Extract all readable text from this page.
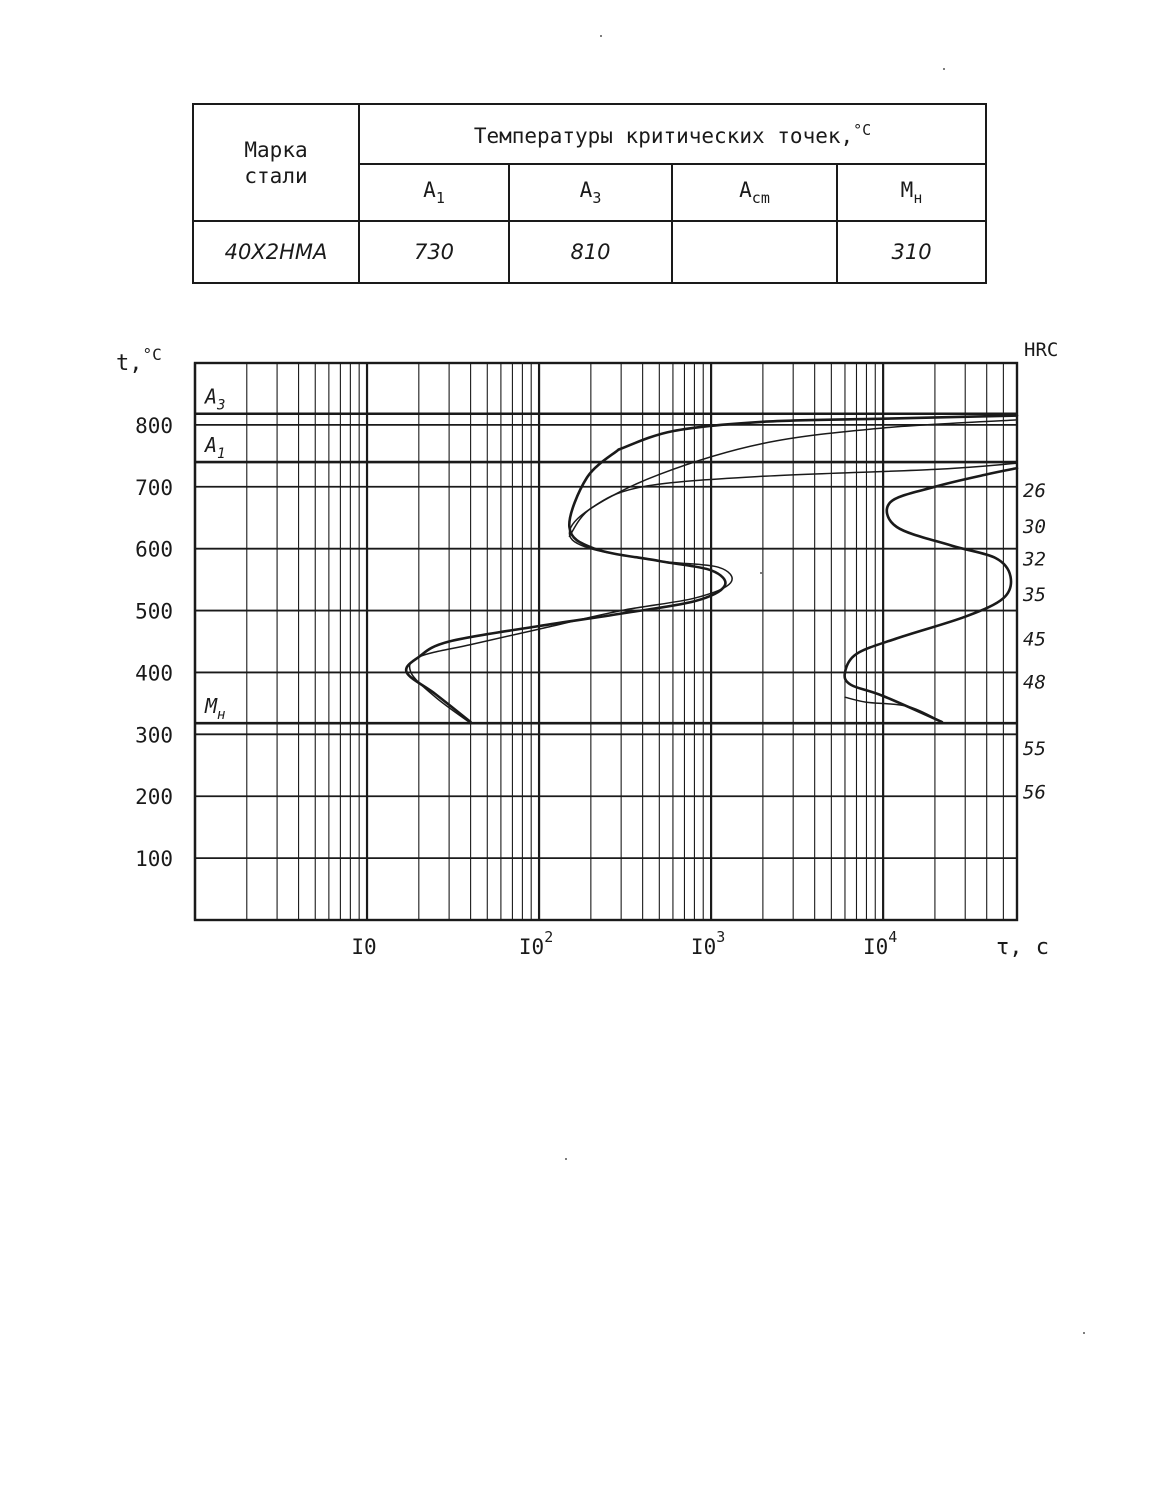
Марка стали	Температуры критических точек,$^{^\circ C}$
	$A_1$	$A_3$	$A_{cm}$	$M_н$
40Х2НМА	730	810		310
$A_3$
$A_1$
$M_н$
100
200
300
400
500
600
700
800
I0	$I0^2$	$I0^3$	$I0^4$
26
30
32
35
45
48
55
56
t,$^{^\circ C}$
τ, с
HRC
